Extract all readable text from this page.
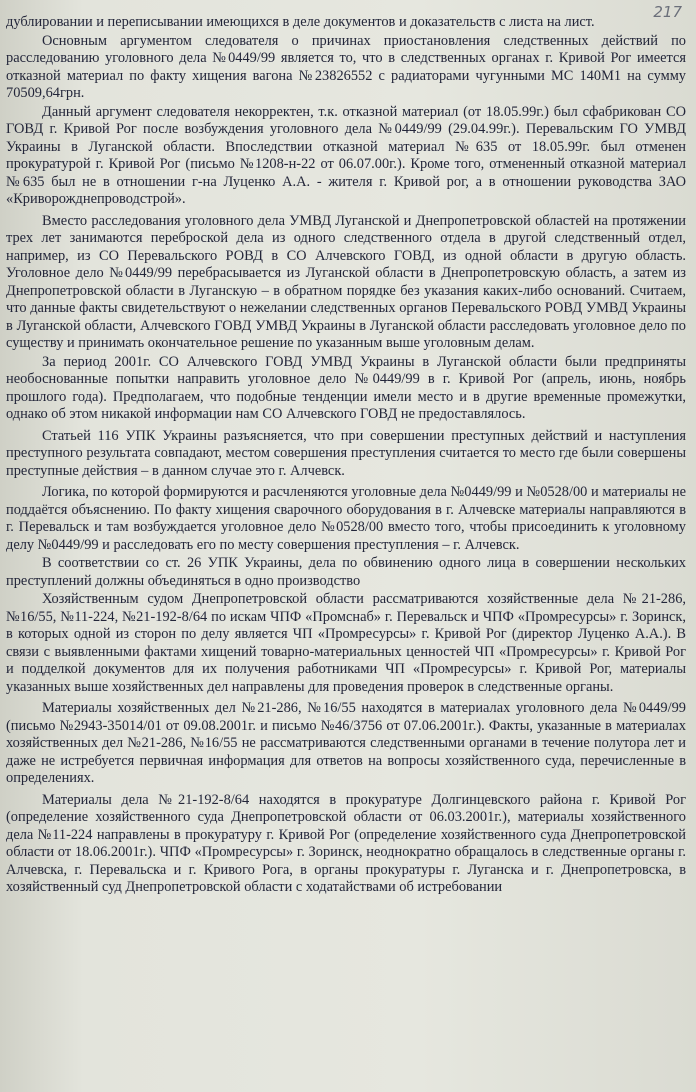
217

дублировании и переписывании имеющихся в деле документов и доказательств с листа на лист.

Основным аргументом следователя о причинах приостановления следственных действий по расследованию уголовного дела №0449/99 является то, что в следственных органах г. Кривой Рог имеется отказной материал по факту хищения вагона №23826552 с радиаторами чугунными МС 140М1 на сумму 70509,64грн.

Данный аргумент следователя некорректен, т.к. отказной материал (от 18.05.99г.) был сфабрикован СО ГОВД г. Кривой Рог после возбуждения уголовного дела №0449/99 (29.04.99г.). Перевальским ГО УМВД Украины в Луганской области. Впоследствии отказной материал №635 от 18.05.99г. был отменен прокуратурой г. Кривой Рог (письмо №1208-н-22 от 06.07.00г.). Кроме того, отмененный отказной материал №635 был не в отношении г-на Луценко А.А. - жителя г. Кривой рог, а в отношении руководства ЗАО «Криворожднепроводстрой».

Вместо расследования уголовного дела УМВД Луганской и Днепропетровской областей на протяжении трех лет занимаются переброской дела из одного следственного отдела в другой следственный отдел, например, из СО Перевальского РОВД в СО Алчевского ГОВД, из одной области в другую область. Уголовное дело №0449/99 перебрасывается из Луганской области в Днепропетровскую область, а затем из Днепропетровской области в Луганскую – в обратном порядке без указания каких-либо оснований. Считаем, что данные факты свидетельствуют о нежелании следственных органов Перевальского РОВД УМВД Украины в Луганской области, Алчевского ГОВД УМВД Украины в Луганской области расследовать уголовное дело по существу и принимать окончательное решение по указанным выше уголовным делам.

За период 2001г. СО Алчевского ГОВД УМВД Украины в Луганской области были предприняты необоснованные попытки направить уголовное дело №0449/99 в г. Кривой Рог (апрель, июнь, ноябрь прошлого года). Предполагаем, что подобные тенденции имели место и в другие временные промежутки, однако об этом никакой информации нам СО Алчевского ГОВД не предоставлялось.

Статьей 116 УПК Украины разъясняется, что при совершении преступных действий и наступления преступного результата совпадают, местом совершения преступления считается то место где были совершены преступные действия – в данном случае это г. Алчевск.

Логика, по которой формируются и расчленяются уголовные дела №0449/99 и №0528/00 и материалы не поддаётся объяснению. По факту хищения сварочного оборудования в г. Алчевске материалы направляются в г. Перевальск и там возбуждается уголовное дело №0528/00 вместо того, чтобы присоединить к уголовному делу №0449/99 и расследовать его по месту совершения преступления – г. Алчевск.

В соответствии со ст. 26 УПК Украины, дела по обвинению одного лица в совершении нескольких преступлений должны объединяться в одно производство

Хозяйственным судом Днепропетровской области рассматриваются хозяйственные дела №21-286, №16/55, №11-224, №21-192-8/64 по искам ЧПФ «Промснаб» г. Перевальск и ЧПФ «Промресурсы» г. Зоринск, в которых одной из сторон по делу является ЧП «Промресурсы» г. Кривой Рог (директор Луценко А.А.). В связи с выявленными фактами хищений товарно-материальных ценностей ЧП «Промресурсы» г. Кривой Рог и подделкой документов для их получения работниками ЧП «Промресурсы» г. Кривой Рог, материалы указанных выше хозяйственных дел направлены для проведения проверок в следственные органы.

Материалы хозяйственных дел №21-286, №16/55 находятся в материалах уголовного дела №0449/99 (письмо №2943-35014/01 от 09.08.2001г. и письмо №46/3756 от 07.06.2001г.). Факты, указанные в материалах хозяйственных дел №21-286, №16/55 не рассматриваются следственными органами в течение полутора лет и даже не истребуется первичная информация для ответов на вопросы хозяйственного суда, перечисленные в определениях.

Материалы дела №21-192-8/64 находятся в прокуратуре Долгинцевского района г. Кривой Рог (определение хозяйственного суда Днепропетровской области от 06.03.2001г.), материалы хозяйственного дела №11-224 направлены в прокуратуру г. Кривой Рог (определение хозяйственного суда Днепропетровской области от 18.06.2001г.). ЧПФ «Промресурсы» г. Зоринск, неоднократно обращалось в следственные органы г. Алчевска, г. Перевальска и г. Кривого Рога, в органы прокуратуры г. Луганска и г. Днепропетровска, в хозяйственный суд Днепропетровской области с ходатайствами об истребовании
